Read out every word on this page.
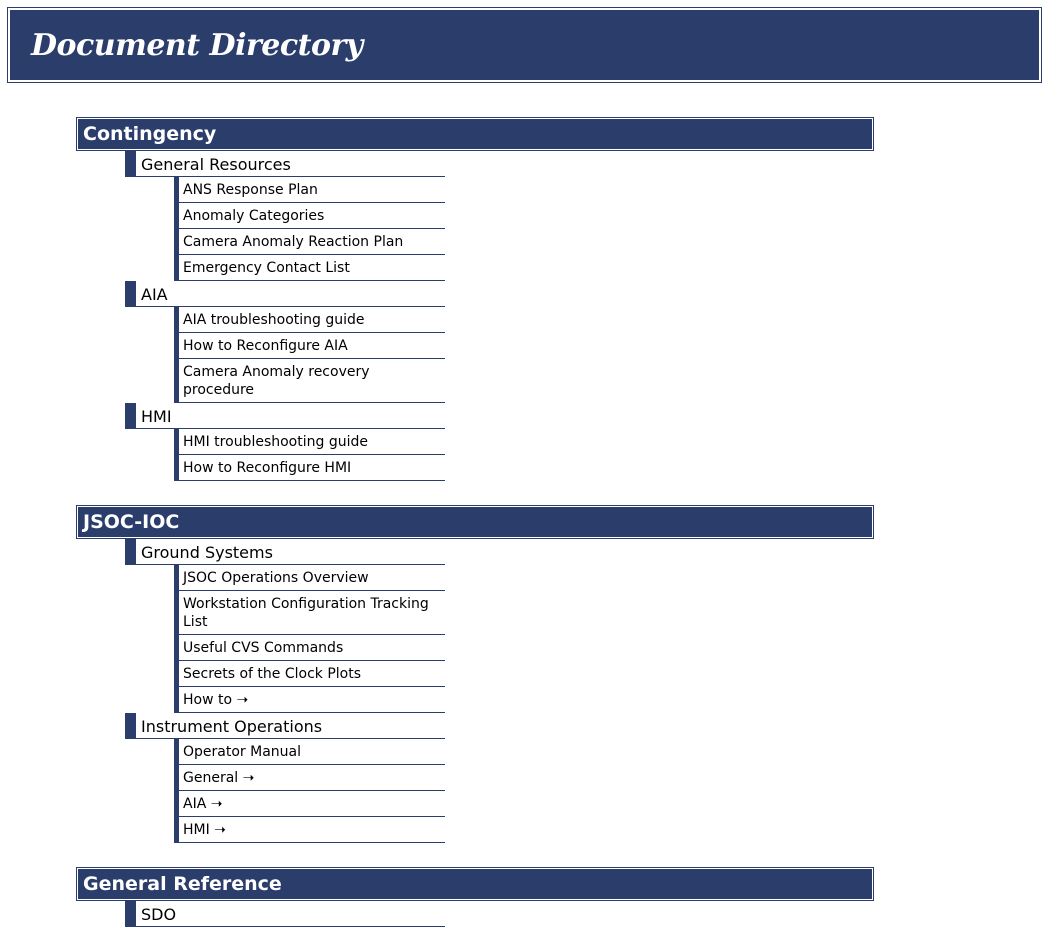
Document Directory
Contingency
General Resources
ANS Response Plan
Anomaly Categories
Camera Anomaly Reaction Plan
Emergency Contact List
AIA
AIA troubleshooting guide
How to Reconfigure AIA
Camera Anomaly recovery procedure
HMI
HMI troubleshooting guide
How to Reconfigure HMI
JSOC-IOC
Ground Systems
JSOC Operations Overview
Workstation Configuration Tracking List
Useful CVS Commands
Secrets of the Clock Plots
How to ➝
Instrument Operations
Operator Manual
General ➝
AIA ➝
HMI ➝
General Reference
SDO
